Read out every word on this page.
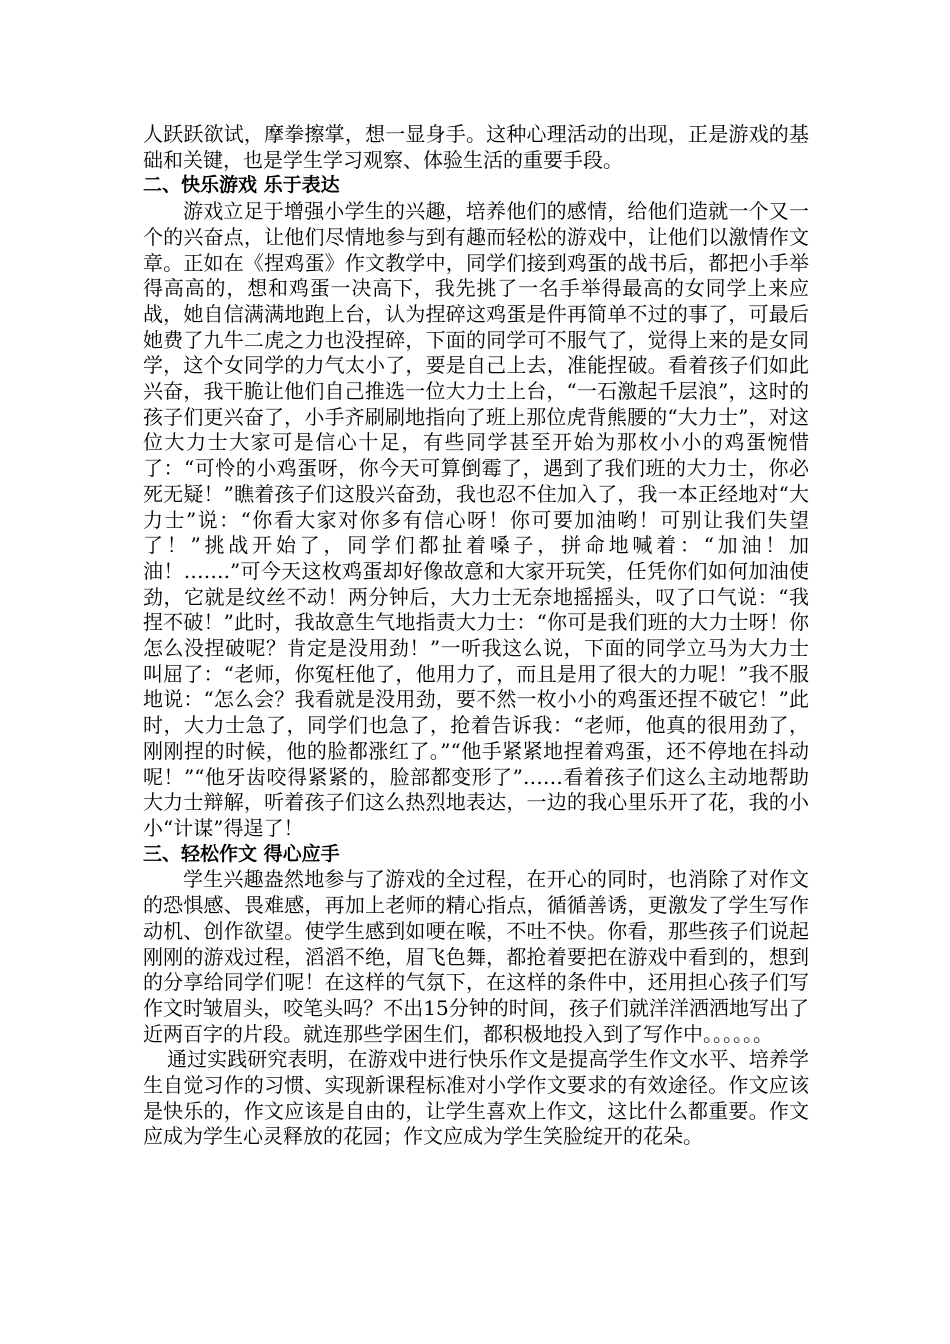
人跃跃欲试，摩拳擦掌，想一显身手。这种心理活动的出现，正是游戏的基础和关键，也是学生学习观察、体验生活的重要手段。

二、快乐游戏 乐于表达

游戏立足于增强小学生的兴趣，培养他们的感情，给他们造就一个又一个的兴奋点，让他们尽情地参与到有趣而轻松的游戏中，让他们以激情作文章。正如在《捏鸡蛋》作文教学中，同学们接到鸡蛋的战书后，都把小手举得高高的，想和鸡蛋一决高下，我先挑了一名手举得最高的女同学上来应战，她自信满满地跑上台，认为捏碎这鸡蛋是件再简单不过的事了，可最后她费了九牛二虎之力也没捏碎，下面的同学可不服气了，觉得上来的是女同学，这个女同学的力气太小了，要是自己上去，准能捏破。看着孩子们如此兴奋，我干脆让他们自己推选一位大力士上台，“一石激起千层浪”，这时的孩子们更兴奋了，小手齐刷刷地指向了班上那位虎背熊腰的“大力士”，对这位大力士大家可是信心十足，有些同学甚至开始为那枚小小的鸡蛋惋惜了：“可怜的小鸡蛋呀，你今天可算倒霉了，遇到了我们班的大力士，你必死无疑！”瞧着孩子们这股兴奋劲，我也忍不住加入了，我一本正经地对“大力士”说：“你看大家对你多有信心呀！你可要加油哟！可别让我们失望了！”挑战开始了，同学们都扯着嗓子，拼命地喊着：“加油！加油！…….”可今天这枚鸡蛋却好像故意和大家开玩笑，任凭你们如何加油使劲，它就是纹丝不动！两分钟后，大力士无奈地摇摇头，叹了口气说：“我捏不破！”此时，我故意生气地指责大力士：“你可是我们班的大力士呀！你怎么没捏破呢？肯定是没用劲！”一听我这么说，下面的同学立马为大力士叫屈了：“老师，你冤枉他了，他用力了，而且是用了很大的力呢！”我不服地说：“怎么会？我看就是没用劲，要不然一枚小小的鸡蛋还捏不破它！”此时，大力士急了，同学们也急了，抢着告诉我：“老师，他真的很用劲了，刚刚捏的时候，他的脸都涨红了。”“他手紧紧地捏着鸡蛋，还不停地在抖动呢！”“他牙齿咬得紧紧的，脸部都变形了”……看着孩子们这么主动地帮助大力士辩解，听着孩子们这么热烈地表达，一边的我心里乐开了花，我的小小“计谋”得逞了！

三、轻松作文 得心应手

学生兴趣盎然地参与了游戏的全过程，在开心的同时，也消除了对作文的恐惧感、畏难感，再加上老师的精心指点，循循善诱，更激发了学生写作动机、创作欲望。使学生感到如哽在喉，不吐不快。你看，那些孩子们说起刚刚的游戏过程，滔滔不绝，眉飞色舞，都抢着要把在游戏中看到的，想到的分享给同学们呢！在这样的气氛下，在这样的条件中，还用担心孩子们写作文时皱眉头，咬笔头吗？不出15分钟的时间，孩子们就洋洋洒洒地写出了近两百字的片段。就连那些学困生们，都积极地投入到了写作中。。。。。。

通过实践研究表明，在游戏中进行快乐作文是提高学生作文水平、培养学生自觉习作的习惯、实现新课程标准对小学作文要求的有效途径。作文应该是快乐的，作文应该是自由的，让学生喜欢上作文，这比什么都重要。作文应成为学生心灵释放的花园；作文应成为学生笑脸绽开的花朵。
